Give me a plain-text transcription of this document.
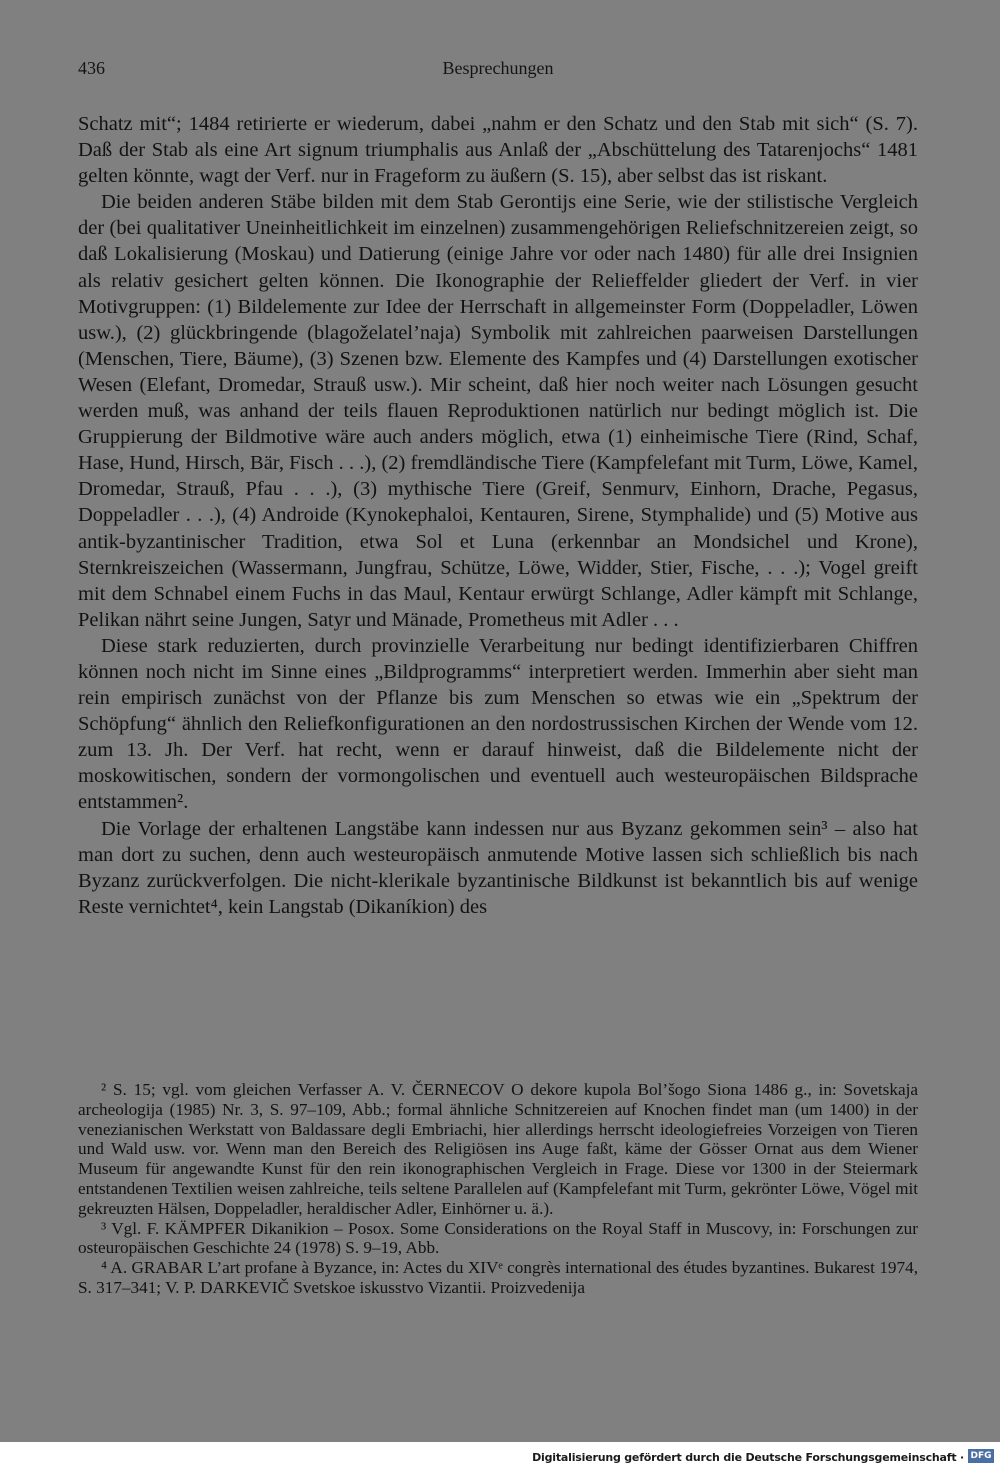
436	Besprechungen

Schatz mit“; 1484 retirierte er wiederum, dabei „nahm er den Schatz und den Stab mit sich“ (S. 7). Daß der Stab als eine Art signum triumphalis aus Anlaß der „Abschüttelung des Tatarenjochs“ 1481 gelten könnte, wagt der Verf. nur in Frageform zu äußern (S. 15), aber selbst das ist riskant.

Die beiden anderen Stäbe bilden mit dem Stab Gerontijs eine Serie, wie der stilistische Vergleich der (bei qualitativer Uneinheitlichkeit im einzelnen) zusammengehörigen Reliefschnitzereien zeigt, so daß Lokalisierung (Moskau) und Datierung (einige Jahre vor oder nach 1480) für alle drei Insignien als relativ gesichert gelten können. Die Ikonographie der Relieffelder gliedert der Verf. in vier Motivgruppen: (1) Bildelemente zur Idee der Herrschaft in allgemeinster Form (Doppeladler, Löwen usw.), (2) glückbringende (blagoželatel’naja) Symbolik mit zahlreichen paarweisen Darstellungen (Menschen, Tiere, Bäume), (3) Szenen bzw. Elemente des Kampfes und (4) Darstellungen exotischer Wesen (Elefant, Dromedar, Strauß usw.). Mir scheint, daß hier noch weiter nach Lösungen gesucht werden muß, was anhand der teils flauen Reproduktionen natürlich nur bedingt möglich ist. Die Gruppierung der Bildmotive wäre auch anders möglich, etwa (1) einheimische Tiere (Rind, Schaf, Hase, Hund, Hirsch, Bär, Fisch . . .), (2) fremdländische Tiere (Kampfelefant mit Turm, Löwe, Kamel, Dromedar, Strauß, Pfau . . .), (3) mythische Tiere (Greif, Senmurv, Einhorn, Drache, Pegasus, Doppeladler . . .), (4) Androide (Kynokephaloi, Kentauren, Sirene, Stymphalide) und (5) Motive aus antik-byzantinischer Tradition, etwa Sol et Luna (erkennbar an Mondsichel und Krone), Sternkreiszeichen (Wassermann, Jungfrau, Schütze, Löwe, Widder, Stier, Fische, . . .); Vogel greift mit dem Schnabel einem Fuchs in das Maul, Kentaur erwürgt Schlange, Adler kämpft mit Schlange, Pelikan nährt seine Jungen, Satyr und Mänade, Prometheus mit Adler . . .

Diese stark reduzierten, durch provinzielle Verarbeitung nur bedingt identifizierbaren Chiffren können noch nicht im Sinne eines „Bildprogramms“ interpretiert werden. Immerhin aber sieht man rein empirisch zunächst von der Pflanze bis zum Menschen so etwas wie ein „Spektrum der Schöpfung“ ähnlich den Reliefkonfigurationen an den nordostrussischen Kirchen der Wende vom 12. zum 13. Jh. Der Verf. hat recht, wenn er darauf hinweist, daß die Bildelemente nicht der moskowitischen, sondern der vormongolischen und eventuell auch westeuropäischen Bildsprache entstammen².

Die Vorlage der erhaltenen Langstäbe kann indessen nur aus Byzanz gekommen sein³ – also hat man dort zu suchen, denn auch westeuropäisch anmutende Motive lassen sich schließlich bis nach Byzanz zurückverfolgen. Die nicht-klerikale byzantinische Bildkunst ist bekanntlich bis auf wenige Reste vernichtet⁴, kein Langstab (Dikaníkion) des

² S. 15; vgl. vom gleichen Verfasser A. V. ČERNECOV O dekore kupola Bol’šogo Siona 1486 g., in: Sovetskaja archeologija (1985) Nr. 3, S. 97–109, Abb.; formal ähnliche Schnitzereien auf Knochen findet man (um 1400) in der venezianischen Werkstatt von Baldassare degli Embriachi, hier allerdings herrscht ideologiefreies Vorzeigen von Tieren und Wald usw. vor. Wenn man den Bereich des Religiösen ins Auge faßt, käme der Gösser Ornat aus dem Wiener Museum für angewandte Kunst für den rein ikonographischen Vergleich in Frage. Diese vor 1300 in der Steiermark entstandenen Textilien weisen zahlreiche, teils seltene Parallelen auf (Kampfelefant mit Turm, gekrönter Löwe, Vögel mit gekreuzten Hälsen, Doppeladler, heraldischer Adler, Einhörner u. ä.).

³ Vgl. F. KÄMPFER Dikanikion – Posox. Some Considerations on the Royal Staff in Muscovy, in: Forschungen zur osteuropäischen Geschichte 24 (1978) S. 9–19, Abb.

⁴ A. GRABAR L’art profane à Byzance, in: Actes du XIVᵉ congrès international des études byzantines. Bukarest 1974, S. 317–341; V. P. DARKEVIČ Svetskoe iskusstvo Vizantii. Proizvedenija

Digitalisierung gefördert durch die Deutsche Forschungsgemeinschaft · DFG
